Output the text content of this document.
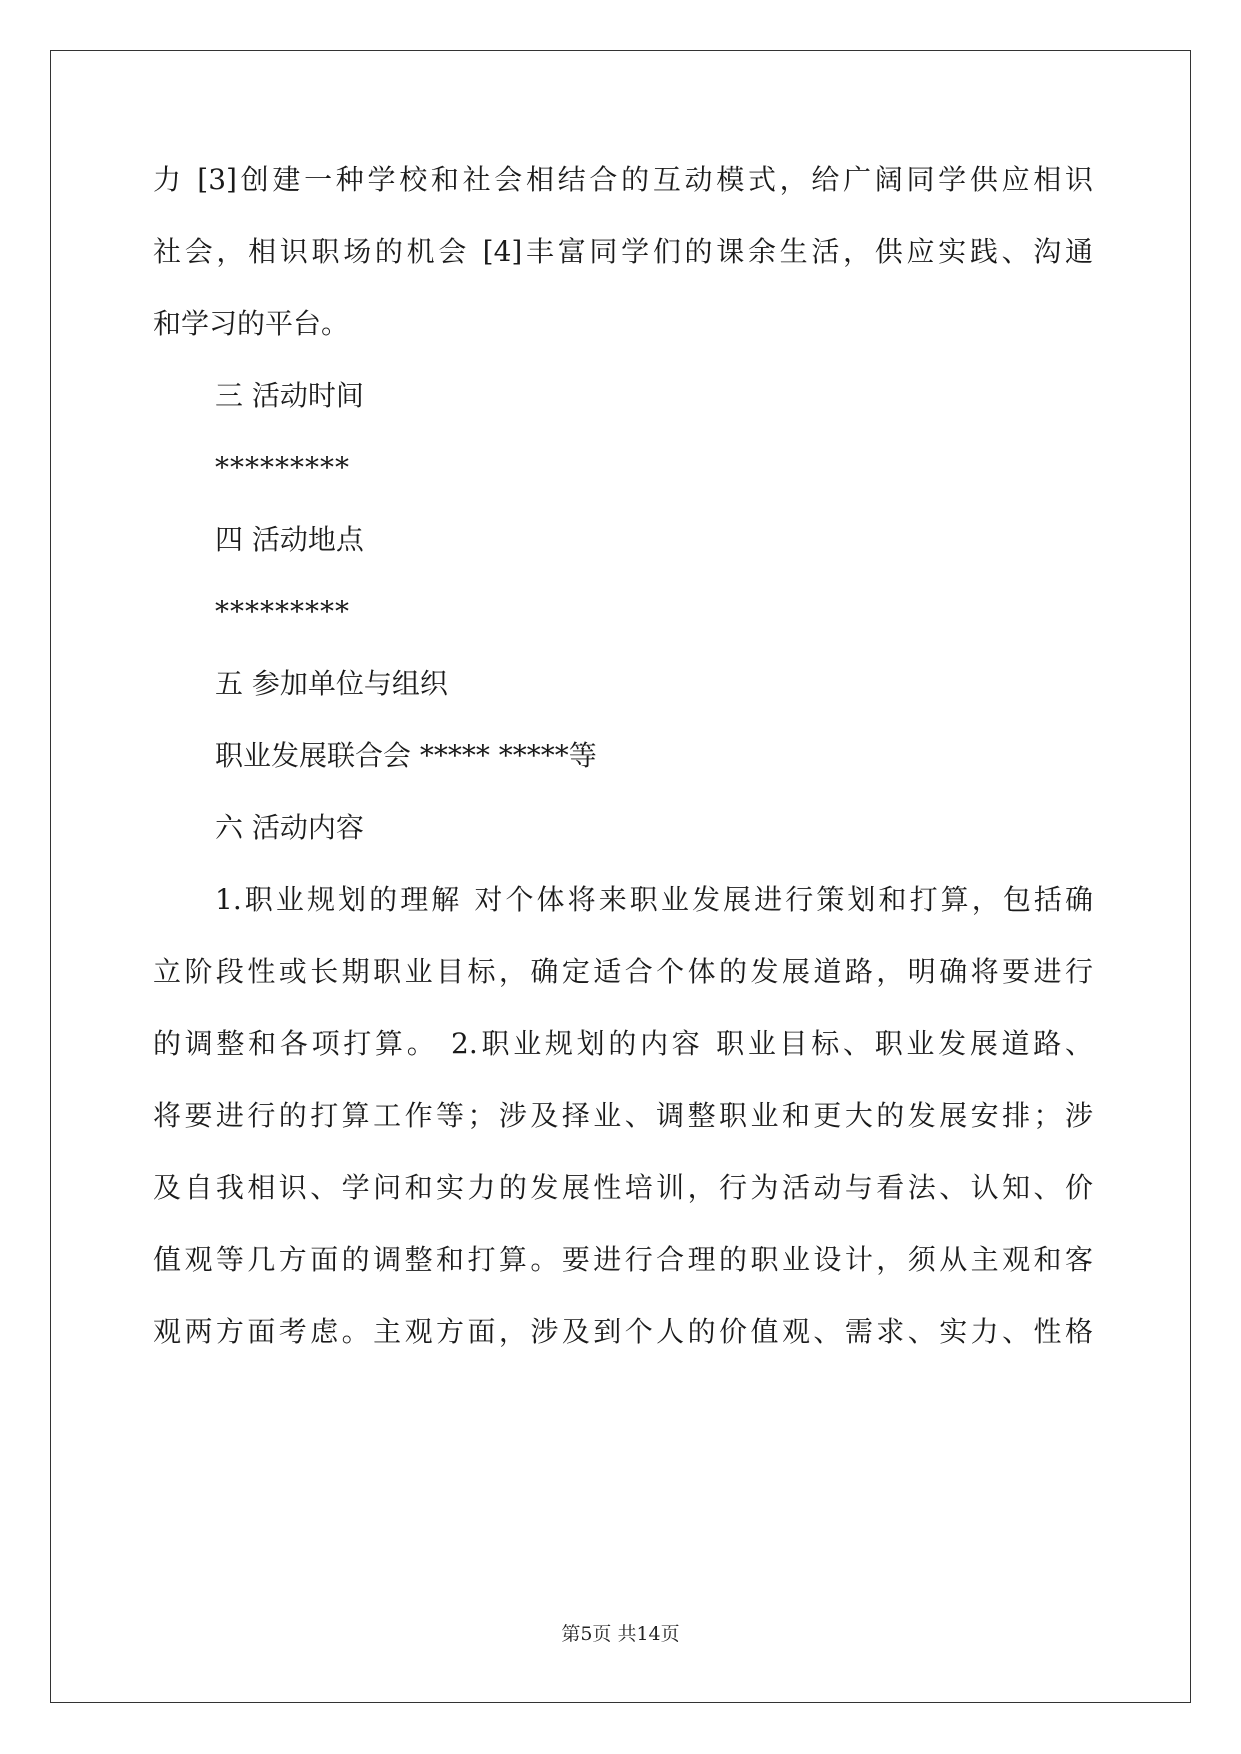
力 [3]创建一种学校和社会相结合的互动模式，给广阔同学供应相识
社会，相识职场的机会 [4]丰富同学们的课余生活，供应实践、沟通
和学习的平台。
三 活动时间
*********
四 活动地点
*********
五 参加单位与组织
职业发展联合会 ***** *****等
六 活动内容
1.职业规划的理解 对个体将来职业发展进行策划和打算，包括确
立阶段性或长期职业目标，确定适合个体的发展道路，明确将要进行
的调整和各项打算。 2.职业规划的内容 职业目标、职业发展道路、
将要进行的打算工作等；涉及择业、调整职业和更大的发展安排；涉
及自我相识、学问和实力的发展性培训，行为活动与看法、认知、价
值观等几方面的调整和打算。要进行合理的职业设计，须从主观和客
观两方面考虑。主观方面，涉及到个人的价值观、需求、实力、性格
第5页 共14页
